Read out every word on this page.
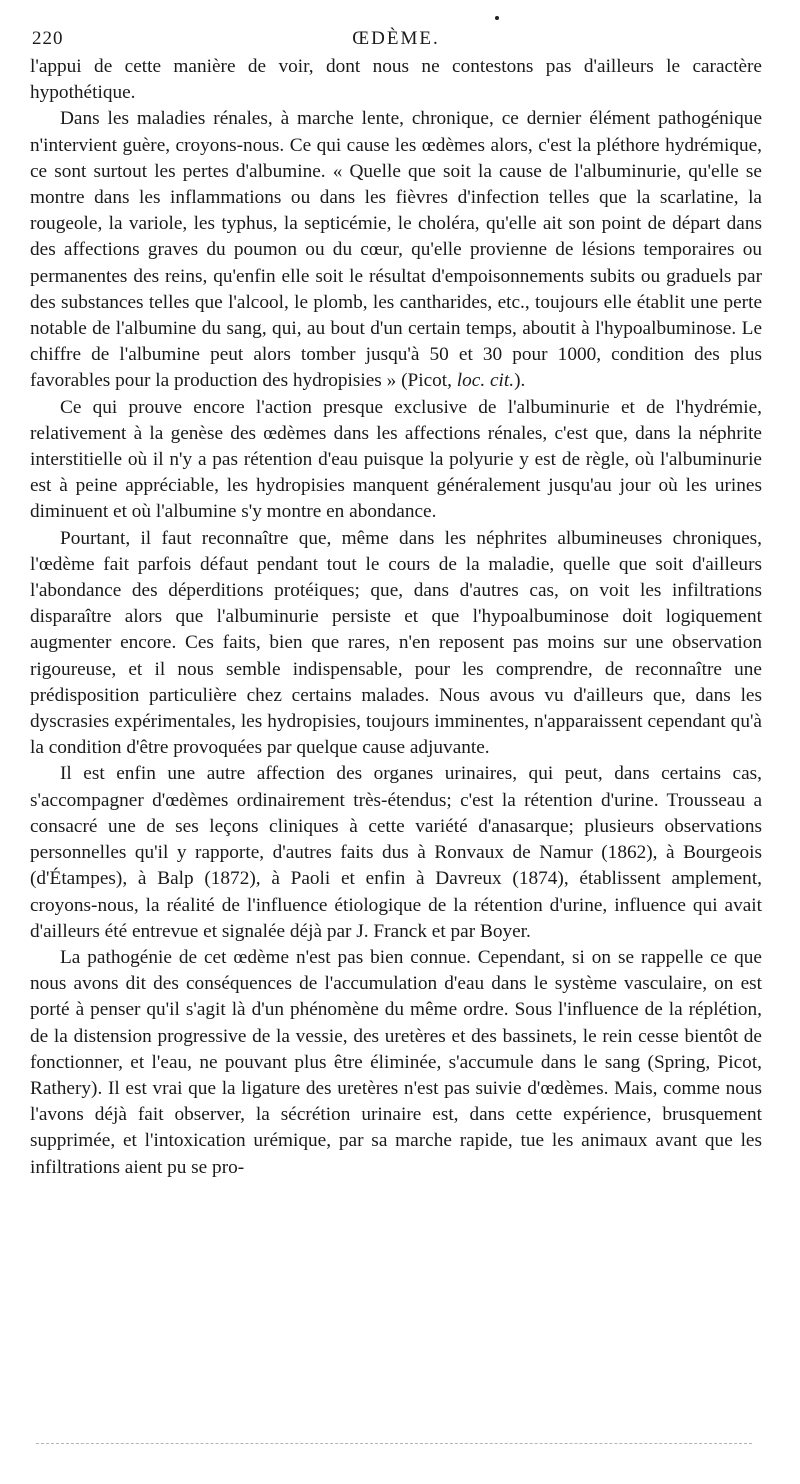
220	ŒDÈME.

l'appui de cette manière de voir, dont nous ne contestons pas d'ailleurs le caractère hypothétique.

Dans les maladies rénales, à marche lente, chronique, ce dernier élément pathogénique n'intervient guère, croyons-nous. Ce qui cause les œdèmes alors, c'est la pléthore hydrémique, ce sont surtout les pertes d'albumine. « Quelle que soit la cause de l'albuminurie, qu'elle se montre dans les inflammations ou dans les fièvres d'infection telles que la scarlatine, la rougeole, la variole, les typhus, la septicémie, le choléra, qu'elle ait son point de départ dans des affections graves du poumon ou du cœur, qu'elle provienne de lésions temporaires ou permanentes des reins, qu'enfin elle soit le résultat d'empoisonnements subits ou graduels par des substances telles que l'alcool, le plomb, les cantharides, etc., toujours elle établit une perte notable de l'albumine du sang, qui, au bout d'un certain temps, aboutit à l'hypoalbuminose. Le chiffre de l'albumine peut alors tomber jusqu'à 50 et 30 pour 1000, condition des plus favorables pour la production des hydropisies » (Picot, loc. cit.).

Ce qui prouve encore l'action presque exclusive de l'albuminurie et de l'hydrémie, relativement à la genèse des œdèmes dans les affections rénales, c'est que, dans la néphrite interstitielle où il n'y a pas rétention d'eau puisque la polyurie y est de règle, où l'albuminurie est à peine appréciable, les hydropisies manquent généralement jusqu'au jour où les urines diminuent et où l'albumine s'y montre en abondance.

Pourtant, il faut reconnaître que, même dans les néphrites albumineuses chroniques, l'œdème fait parfois défaut pendant tout le cours de la maladie, quelle que soit d'ailleurs l'abondance des déperditions protéiques; que, dans d'autres cas, on voit les infiltrations disparaître alors que l'albuminurie persiste et que l'hypoalbuminose doit logiquement augmenter encore. Ces faits, bien que rares, n'en reposent pas moins sur une observation rigoureuse, et il nous semble indispensable, pour les comprendre, de reconnaître une prédisposition particulière chez certains malades. Nous avous vu d'ailleurs que, dans les dyscrasies expérimentales, les hydropisies, toujours imminentes, n'apparaissent cependant qu'à la condition d'être provoquées par quelque cause adjuvante.

Il est enfin une autre affection des organes urinaires, qui peut, dans certains cas, s'accompagner d'œdèmes ordinairement très-étendus; c'est la rétention d'urine. Trousseau a consacré une de ses leçons cliniques à cette variété d'anasarque; plusieurs observations personnelles qu'il y rapporte, d'autres faits dus à Ronvaux de Namur (1862), à Bourgeois (d'Étampes), à Balp (1872), à Paoli et enfin à Davreux (1874), établissent amplement, croyons-nous, la réalité de l'influence étiologique de la rétention d'urine, influence qui avait d'ailleurs été entrevue et signalée déjà par J. Franck et par Boyer.

La pathogénie de cet œdème n'est pas bien connue. Cependant, si on se rappelle ce que nous avons dit des conséquences de l'accumulation d'eau dans le système vasculaire, on est porté à penser qu'il s'agit là d'un phénomène du même ordre. Sous l'influence de la réplétion, de la distension progressive de la vessie, des uretères et des bassinets, le rein cesse bientôt de fonctionner, et l'eau, ne pouvant plus être éliminée, s'accumule dans le sang (Spring, Picot, Rathery). Il est vrai que la ligature des uretères n'est pas suivie d'œdèmes. Mais, comme nous l'avons déjà fait observer, la sécrétion urinaire est, dans cette expérience, brusquement supprimée, et l'intoxication urémique, par sa marche rapide, tue les animaux avant que les infiltrations aient pu se pro-
